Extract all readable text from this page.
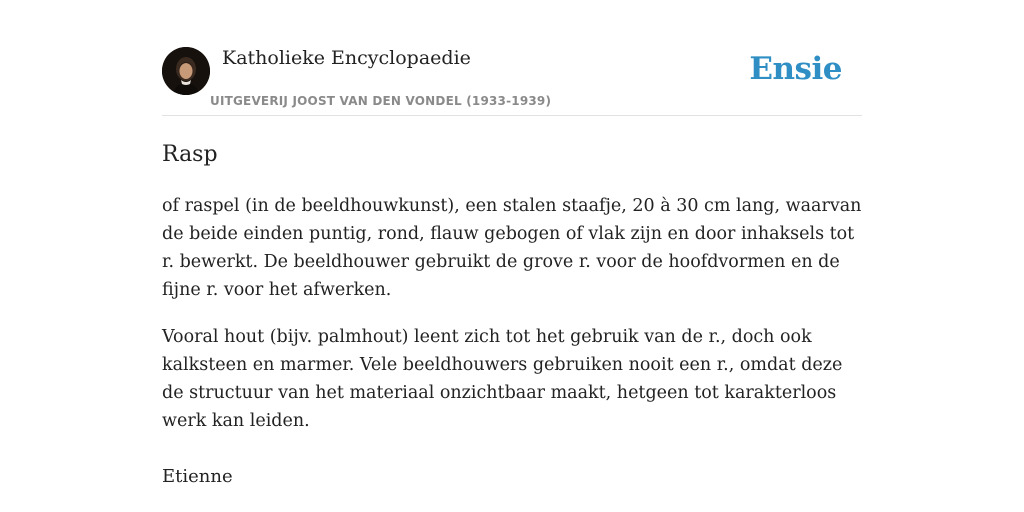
Katholieke Encyclopaedie
UITGEVERIJ JOOST VAN DEN VONDEL (1933-1939)
Ensie
Rasp

of raspel (in de beeldhouwkunst), een stalen staafje, 20 à 30 cm lang, waarvan de beide einden puntig, rond, flauw gebogen of vlak zijn en door inhaksels tot r. bewerkt. De beeldhouwer gebruikt de grove r. voor de hoofdvormen en de fijne r. voor het afwerken.

Vooral hout (bijv. palmhout) leent zich tot het gebruik van de r., doch ook kalksteen en marmer. Vele beeldhouwers gebruiken nooit een r., omdat deze de structuur van het materiaal onzichtbaar maakt, hetgeen tot karakterloos werk kan leiden.

Etienne
